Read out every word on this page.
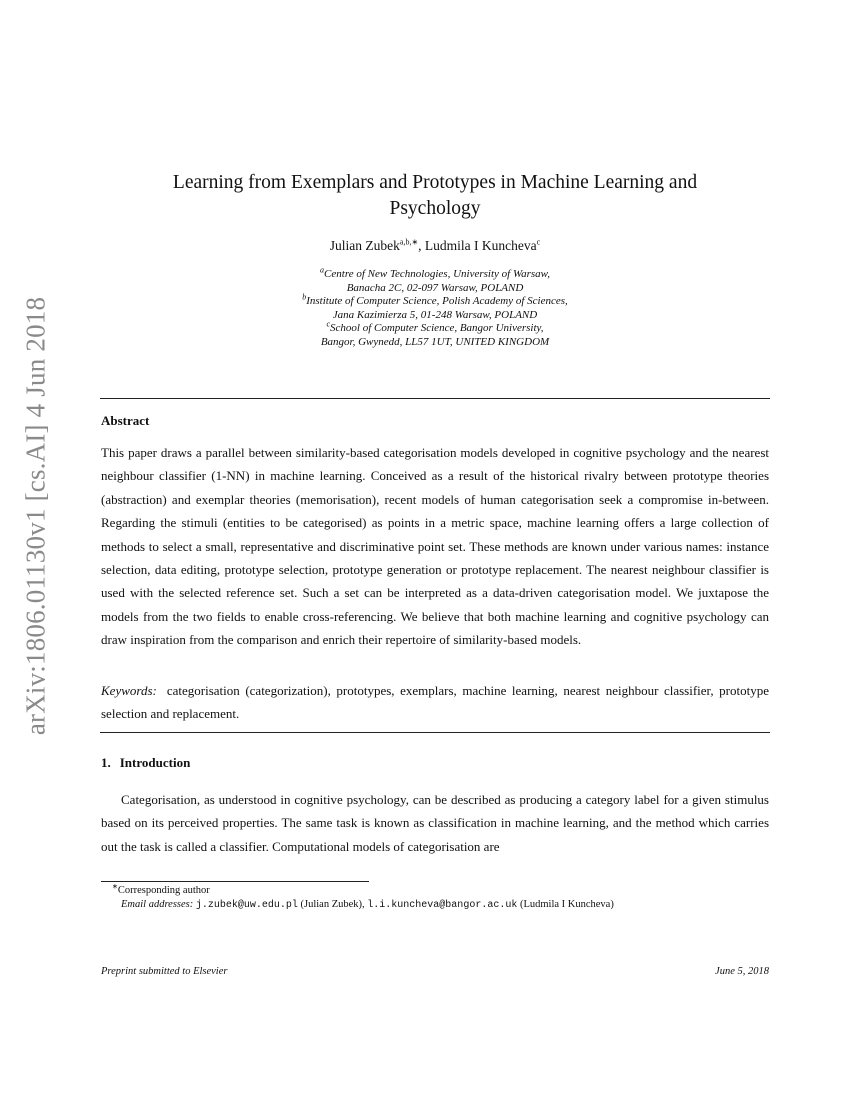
arXiv:1806.01130v1 [cs.AI] 4 Jun 2018
Learning from Exemplars and Prototypes in Machine Learning and Psychology
Julian Zubek$^{a,b,∗}$, Ludmila I Kuncheva$^c$
$^a$Centre of New Technologies, University of Warsaw,
Banacha 2C, 02-097 Warsaw, POLAND
$^b$Institute of Computer Science, Polish Academy of Sciences,
Jana Kazimierza 5, 01-248 Warsaw, POLAND
$^c$School of Computer Science, Bangor University,
Bangor, Gwynedd, LL57 1UT, UNITED KINGDOM
Abstract

This paper draws a parallel between similarity-based categorisation models developed in cognitive psychology and the nearest neighbour classifier (1-NN) in machine learning. Conceived as a result of the historical rivalry between prototype theories (abstraction) and exemplar theories (memorisation), recent models of human categorisation seek a compromise in-between. Regarding the stimuli (entities to be categorised) as points in a metric space, machine learning offers a large collection of methods to select a small, representative and discriminative point set. These methods are known under various names: instance selection, data editing, prototype selection, prototype generation or prototype replacement. The nearest neighbour classifier is used with the selected reference set. Such a set can be interpreted as a data-driven categorisation model. We juxtapose the models from the two fields to enable cross-referencing. We believe that both machine learning and cognitive psychology can draw inspiration from the comparison and enrich their repertoire of similarity-based models.

Keywords: categorisation (categorization), prototypes, exemplars, machine learning, nearest neighbour classifier, prototype selection and replacement.

1. Introduction

Categorisation, as understood in cognitive psychology, can be described as producing a category label for a given stimulus based on its perceived properties. The same task is known as classification in machine learning, and the method which carries out the task is called a classifier. Computational models of categorisation are

∗Corresponding author
Email addresses: j.zubek@uw.edu.pl (Julian Zubek), l.i.kuncheva@bangor.ac.uk (Ludmila I Kuncheva)
Preprint submitted to Elsevier	June 5, 2018
